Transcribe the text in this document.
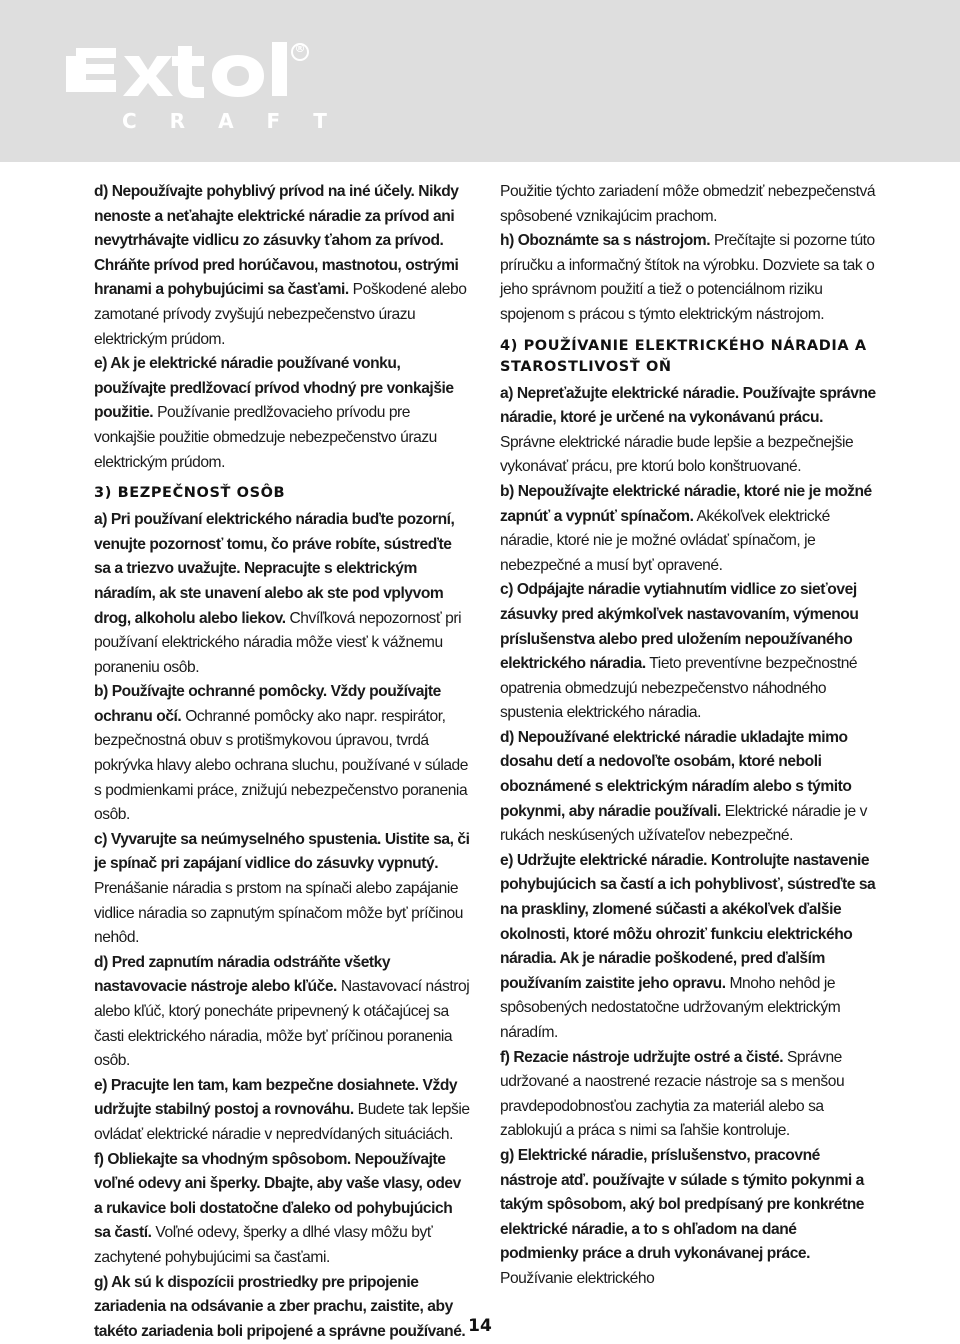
®
CRAFT

d) Nepoužívajte pohyblivý prívod na iné účely. Nikdy nenoste a neťahajte elektrické náradie za prívod ani nevytrhávajte vidlicu zo zásuvky ťahom za prívod. Chráňte prívod pred horúčavou, mastnotou, ostrými hranami a pohybujúcimi sa časťami. Poškodené alebo zamotané prívody zvyšujú nebezpečenstvo úrazu elektrickým prúdom.

e) Ak je elektrické náradie používané vonku, používajte predlžovací prívod vhodný pre vonkajšie použitie. Používanie predlžovacieho prívodu pre vonkajšie použitie obmedzuje nebezpečenstvo úrazu elektrickým prúdom.

3) BEZPEČNOSŤ OSÔB

a) Pri používaní elektrického náradia buďte pozorní, venujte pozornosť tomu, čo práve robíte, sústreďte sa a triezvo uvažujte. Nepracujte s elektrickým náradím, ak ste unavení alebo ak ste pod vplyvom drog, alkoholu alebo liekov. Chvíľková nepozornosť pri používaní elektrického náradia môže viesť k vážnemu poraneniu osôb.

b) Používajte ochranné pomôcky. Vždy používajte ochranu očí. Ochranné pomôcky ako napr. respirátor, bezpečnostná obuv s protišmykovou úpravou, tvrdá pokrývka hlavy alebo ochrana sluchu, používané v súlade s podmienkami práce, znižujú nebezpečenstvo poranenia osôb.

c) Vyvarujte sa neúmyselného spustenia. Uistite sa, či je spínač pri zapájaní vidlice do zásuvky vypnutý. Prenášanie náradia s prstom na spínači alebo zapájanie vidlice náradia so zapnutým spínačom môže byť príčinou nehôd.

d) Pred zapnutím náradia odstráňte všetky nastavovacie nástroje alebo kľúče. Nastavovací nástroj alebo kľúč, ktorý ponecháte pripevnený k otáčajúcej sa časti elektrického náradia, môže byť príčinou poranenia osôb.

e) Pracujte len tam, kam bezpečne dosiahnete. Vždy udržujte stabilný postoj a rovnováhu. Budete tak lepšie ovládať elektrické náradie v nepredvídaných situáciách.

f) Obliekajte sa vhodným spôsobom. Nepoužívajte voľné odevy ani šperky. Dbajte, aby vaše vlasy, odev a rukavice boli dostatočne ďaleko od pohybujúcich sa častí. Voľné odevy, šperky a dlhé vlasy môžu byť zachytené pohybujúcimi sa časťami.

g) Ak sú k dispozícii prostriedky pre pripojenie zariadenia na odsávanie a zber prachu, zaistite, aby takéto zariadenia boli pripojené a správne používané.

Použitie týchto zariadení môže obmedziť nebezpečenstvá spôsobené vznikajúcim prachom.

h) Oboznámte sa s nástrojom. Prečítajte si pozorne túto príručku a informačný štítok na výrobku. Dozviete sa tak o jeho správnom použití a tiež o potenciálnom riziku spojenom s prácou s týmto elektrickým nástrojom.

4) POUŽÍVANIE ELEKTRICKÉHO NÁRADIA A STAROSTLIVOSŤ OŇ

a) Nepreťažujte elektrické náradie. Používajte správne náradie, ktoré je určené na vykonávanú prácu. Správne elektrické náradie bude lepšie a bezpečnejšie vykonávať prácu, pre ktorú bolo konštruované.

b) Nepoužívajte elektrické náradie, ktoré nie je možné zapnúť a vypnúť spínačom. Akékoľvek elektrické náradie, ktoré nie je možné ovládať spínačom, je nebezpečné a musí byť opravené.

c) Odpájajte náradie vytiahnutím vidlice zo sieťovej zásuvky pred akýmkoľvek nastavovaním, výmenou príslušenstva alebo pred uložením nepoužívaného elektrického náradia. Tieto preventívne bezpečnostné opatrenia obmedzujú nebezpečenstvo náhodného spustenia elektrického náradia.

d) Nepoužívané elektrické náradie ukladajte mimo dosahu detí a nedovoľte osobám, ktoré neboli oboznámené s elektrickým náradím alebo s týmito pokynmi, aby náradie používali. Elektrické náradie je v rukách neskúsených užívateľov nebezpečné.

e) Udržujte elektrické náradie. Kontrolujte nastavenie pohybujúcich sa častí a ich pohyblivosť, sústreďte sa na praskliny, zlomené súčasti a akékoľvek ďalšie okolnosti, ktoré môžu ohroziť funkciu elektrického náradia. Ak je náradie poškodené, pred ďalším používaním zaistite jeho opravu. Mnoho nehôd je spôsobených nedostatočne udržovaným elektrickým náradím.

f) Rezacie nástroje udržujte ostré a čisté. Správne udržované a naostrené rezacie nástroje sa s menšou pravdepodobnosťou zachytia za materiál alebo sa zablokujú a práca s nimi sa ľahšie kontroluje.

g) Elektrické náradie, príslušenstvo, pracovné nástroje atď. používajte v súlade s týmito pokynmi a takým spôsobom, aký bol predpísaný pre konkrétne elektrické náradie, a to s ohľadom na dané podmienky práce a druh vykonávanej práce. Používanie elektrického

14
